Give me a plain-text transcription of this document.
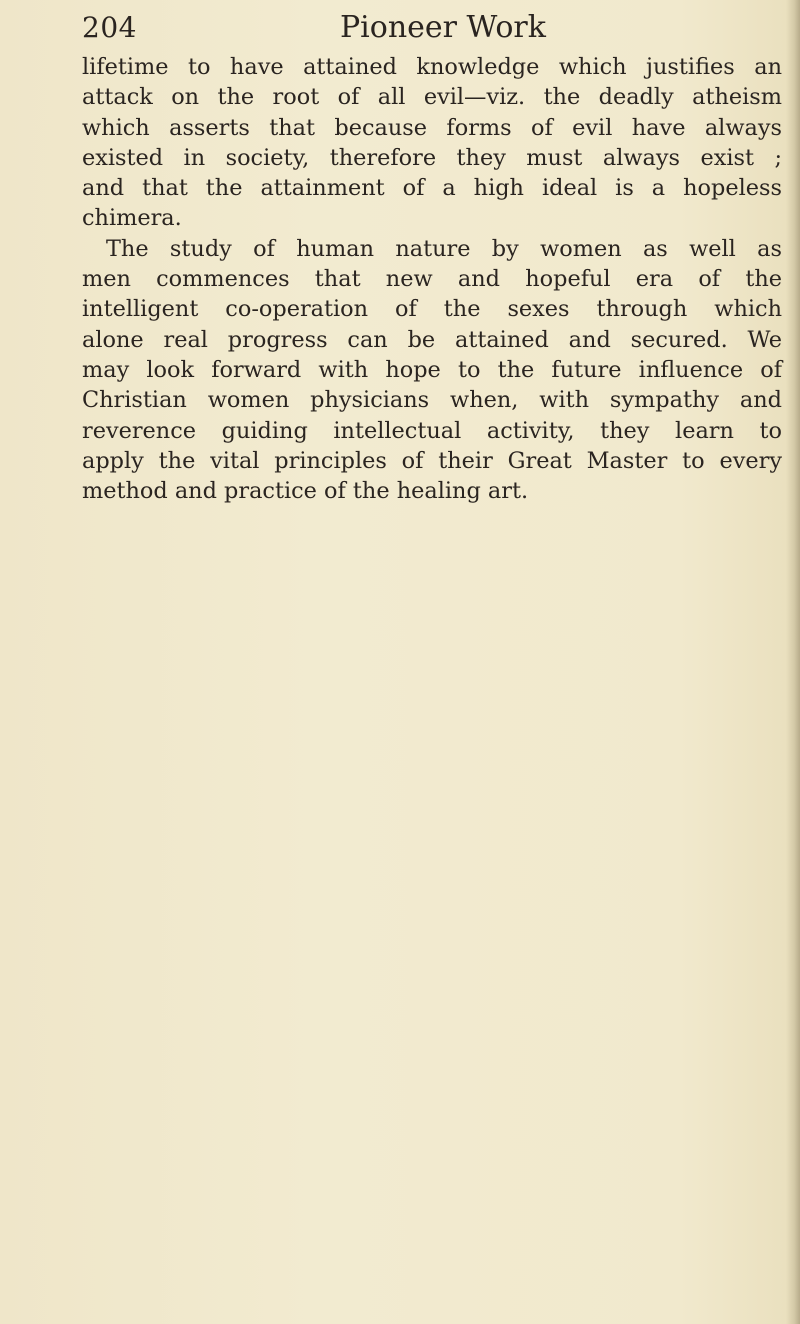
204	Pioneer Work
lifetime to have attained knowledge which justifies an
attack on the root of all evil—viz. the deadly atheism
which asserts that because forms of evil have always
existed in society, therefore they must always exist ;
and that the attainment of a high ideal is a hopeless
chimera.
The study of human nature by women as well as
men commences that new and hopeful era of the
intelligent co-operation of the sexes through which
alone real progress can be attained and secured. We
may look forward with hope to the future influence of
Christian women physicians when, with sympathy and
reverence guiding intellectual activity, they learn to
apply the vital principles of their Great Master to every
method and practice of the healing art.
